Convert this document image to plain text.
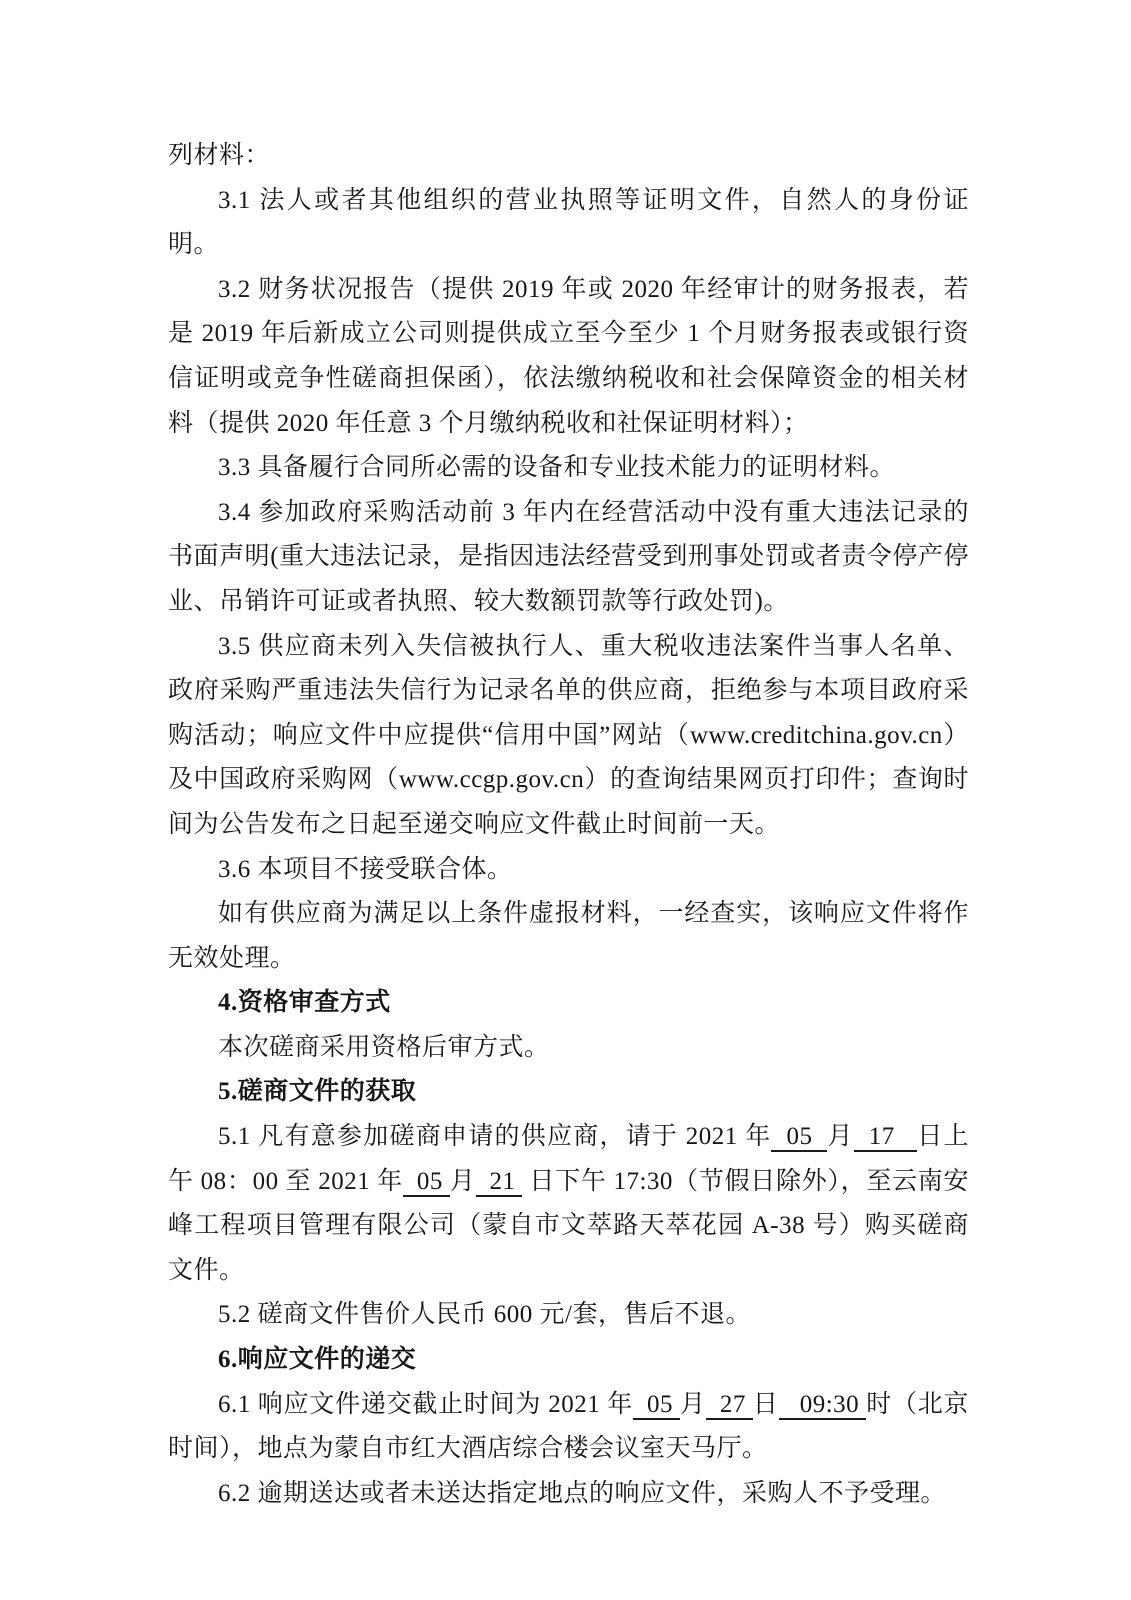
列材料：

3.1 法人或者其他组织的营业执照等证明文件，自然人的身份证明。

3.2 财务状况报告（提供 2019 年或 2020 年经审计的财务报表，若是 2019 年后新成立公司则提供成立至今至少 1 个月财务报表或银行资信证明或竞争性磋商担保函），依法缴纳税收和社会保障资金的相关材料（提供 2020 年任意 3 个月缴纳税收和社保证明材料）；

3.3 具备履行合同所必需的设备和专业技术能力的证明材料。

3.4 参加政府采购活动前 3 年内在经营活动中没有重大违法记录的书面声明(重大违法记录，是指因违法经营受到刑事处罚或者责令停产停业、吊销许可证或者执照、较大数额罚款等行政处罚)。

3.5 供应商未列入失信被执行人、重大税收违法案件当事人名单、政府采购严重违法失信行为记录名单的供应商，拒绝参与本项目政府采购活动；响应文件中应提供“信用中国”网站（www.creditchina.gov.cn）及中国政府采购网（www.ccgp.gov.cn）的查询结果网页打印件；查询时间为公告发布之日起至递交响应文件截止时间前一天。

3.6 本项目不接受联合体。

如有供应商为满足以上条件虚报材料，一经查实，该响应文件将作无效处理。

4.资格审查方式

本次磋商采用资格后审方式。

5.磋商文件的获取

5.1 凡有意参加磋商申请的供应商，请于 2021 年  05  月  17   日上午 08：00 至 2021 年  05 月  21  日下午 17:30（节假日除外），至云南安峰工程项目管理有限公司（蒙自市文萃路天萃花园 A-38 号）购买磋商文件。

5.2 磋商文件售价人民币 600 元/套，售后不退。

6.响应文件的递交

6.1 响应文件递交截止时间为 2021 年  05 月  27 日   09:30 时（北京时间），地点为蒙自市红大酒店综合楼会议室天马厅。

6.2 逾期送达或者未送达指定地点的响应文件，采购人不予受理。
